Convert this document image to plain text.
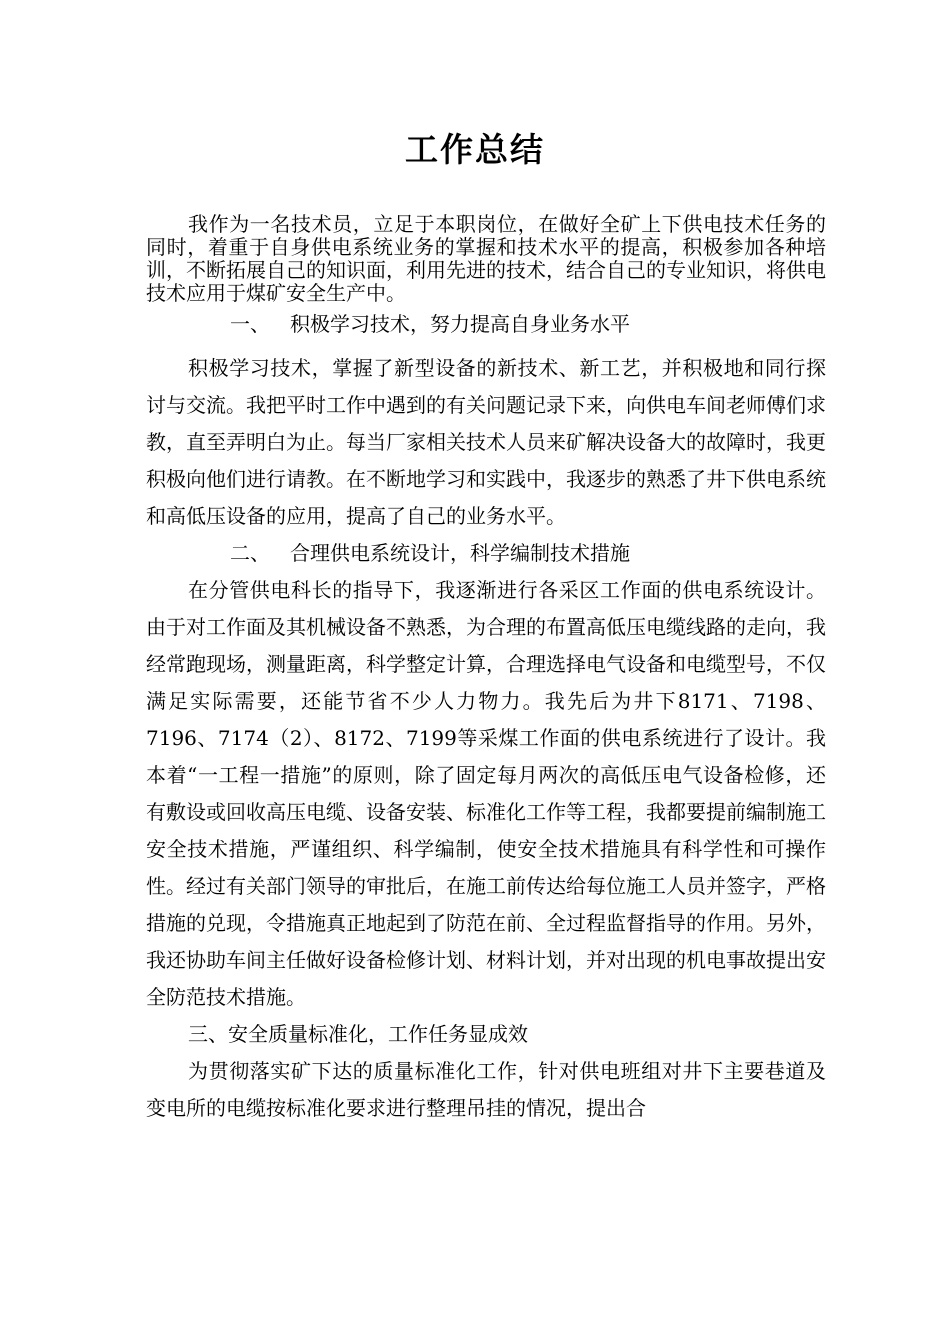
工作总结

我作为一名技术员，立足于本职岗位，在做好全矿上下供电技术任务的同时，着重于自身供电系统业务的掌握和技术水平的提高，积极参加各种培训，不断拓展自己的知识面，利用先进的技术，结合自己的专业知识，将供电技术应用于煤矿安全生产中。

一、 积极学习技术，努力提高自身业务水平

积极学习技术，掌握了新型设备的新技术、新工艺，并积极地和同行探讨与交流。我把平时工作中遇到的有关问题记录下来，向供电车间老师傅们求教，直至弄明白为止。每当厂家相关技术人员来矿解决设备大的故障时，我更积极向他们进行请教。在不断地学习和实践中，我逐步的熟悉了井下供电系统和高低压设备的应用，提高了自己的业务水平。

二、 合理供电系统设计，科学编制技术措施

在分管供电科长的指导下，我逐渐进行各采区工作面的供电系统设计。由于对工作面及其机械设备不熟悉，为合理的布置高低压电缆线路的走向，我经常跑现场，测量距离，科学整定计算，合理选择电气设备和电缆型号，不仅满足实际需要，还能节省不少人力物力。我先后为井下8171、7198、7196、7174（2）、8172、7199等采煤工作面的供电系统进行了设计。我本着“一工程一措施”的原则，除了固定每月两次的高低压电气设备检修，还有敷设或回收高压电缆、设备安装、标准化工作等工程，我都要提前编制施工安全技术措施，严谨组织、科学编制，使安全技术措施具有科学性和可操作性。经过有关部门领导的审批后，在施工前传达给每位施工人员并签字，严格措施的兑现，令措施真正地起到了防范在前、全过程监督指导的作用。另外，我还协助车间主任做好设备检修计划、材料计划，并对出现的机电事故提出安全防范技术措施。

三、安全质量标准化，工作任务显成效

为贯彻落实矿下达的质量标准化工作，针对供电班组对井下主要巷道及变电所的电缆按标准化要求进行整理吊挂的情况，提出合
